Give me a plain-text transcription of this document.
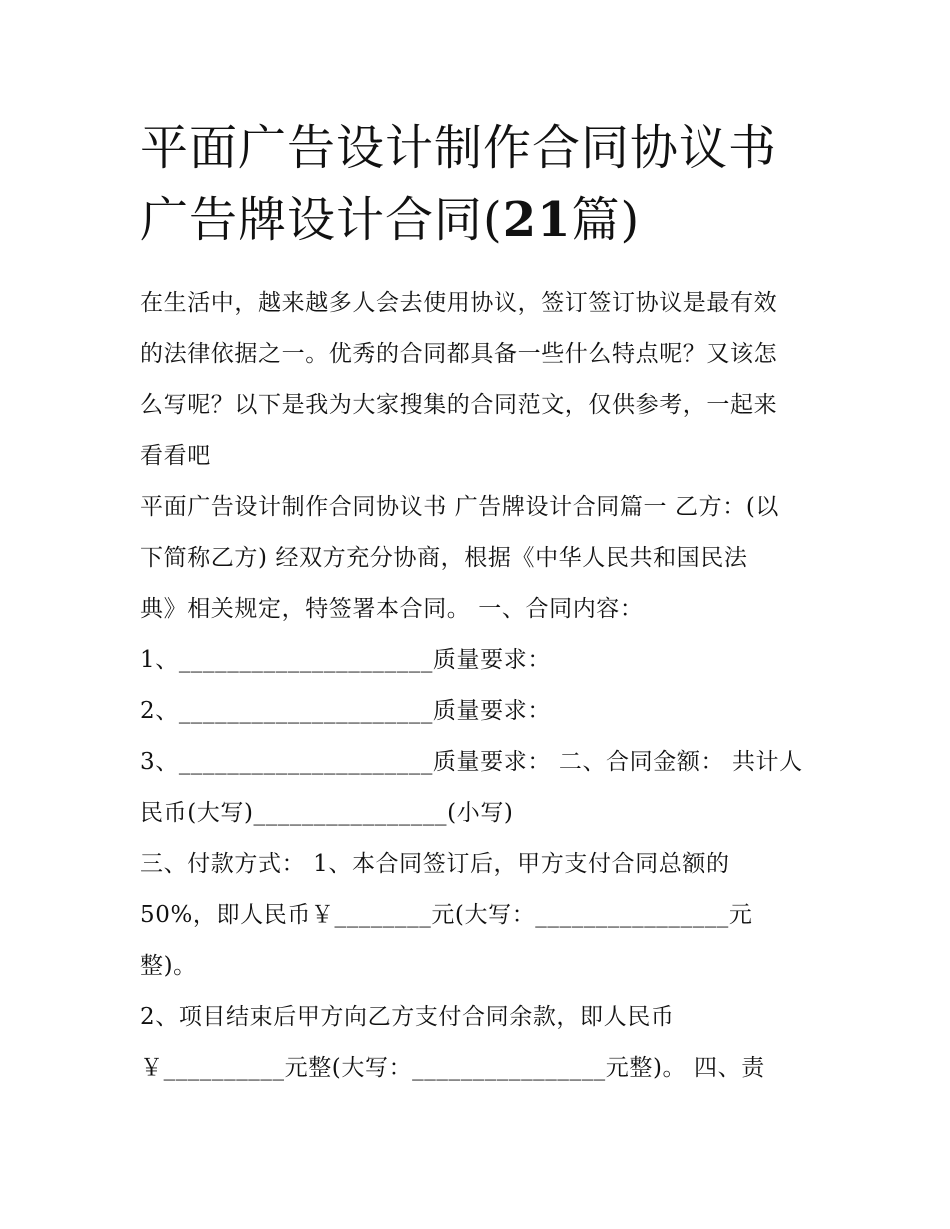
平面广告设计制作合同协议书
广告牌设计合同(21篇)

在生活中，越来越多人会去使用协议，签订签订协议是最有效
的法律依据之一。优秀的合同都具备一些什么特点呢？又该怎
么写呢？以下是我为大家搜集的合同范文，仅供参考，一起来
看看吧

平面广告设计制作合同协议书 广告牌设计合同篇一 乙方：(以
下简称乙方) 经双方充分协商，根据《中华人民共和国民法
典》相关规定，特签署本合同。 一、合同内容：

1、_____________________质量要求：

2、_____________________质量要求：

3、_____________________质量要求： 二、合同金额： 共计人
民币(大写)________________(小写)

三、付款方式： 1、本合同签订后，甲方支付合同总额的
50%，即人民币￥________元(大写：________________元
整)。

2、项目结束后甲方向乙方支付合同余款，即人民币
￥__________元整(大写：________________元整)。 四、责
